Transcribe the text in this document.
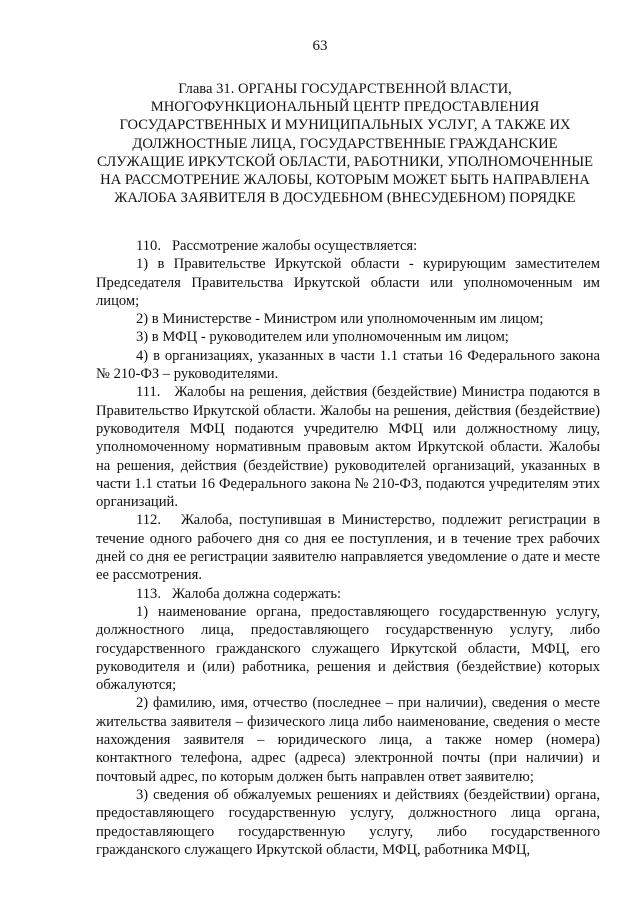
63
Глава 31. ОРГАНЫ ГОСУДАРСТВЕННОЙ ВЛАСТИ, МНОГОФУНКЦИОНАЛЬНЫЙ ЦЕНТР ПРЕДОСТАВЛЕНИЯ ГОСУДАРСТВЕННЫХ И МУНИЦИПАЛЬНЫХ УСЛУГ, А ТАКЖЕ ИХ ДОЛЖНОСТНЫЕ ЛИЦА, ГОСУДАРСТВЕННЫЕ ГРАЖДАНСКИЕ СЛУЖАЩИЕ ИРКУТСКОЙ ОБЛАСТИ, РАБОТНИКИ, УПОЛНОМОЧЕННЫЕ НА РАССМОТРЕНИЕ ЖАЛОБЫ, КОТОРЫМ МОЖЕТ БЫТЬ НАПРАВЛЕНА ЖАЛОБА ЗАЯВИТЕЛЯ В ДОСУДЕБНОМ (ВНЕСУДЕБНОМ) ПОРЯДКЕ

110.   Рассмотрение жалобы осуществляется:

1) в Правительстве Иркутской области - курирующим заместителем Председателя Правительства Иркутской области или уполномоченным им лицом;

2) в Министерстве - Министром или уполномоченным им лицом;

3) в МФЦ - руководителем или уполномоченным им лицом;

4) в организациях, указанных в части 1.1 статьи 16 Федерального закона № 210-ФЗ – руководителями.

111.   Жалобы на решения, действия (бездействие) Министра подаются в Правительство Иркутской области. Жалобы на решения, действия (бездействие) руководителя МФЦ подаются учредителю МФЦ или должностному лицу, уполномоченному нормативным правовым актом Иркутской области. Жалобы на решения, действия (бездействие) руководителей организаций, указанных в части 1.1 статьи 16 Федерального закона № 210-ФЗ, подаются учредителям этих организаций.

112.   Жалоба, поступившая в Министерство, подлежит регистрации в течение одного рабочего дня со дня ее поступления, и в течение трех рабочих дней со дня ее регистрации заявителю направляется уведомление о дате и месте ее рассмотрения.

113.   Жалоба должна содержать:

1) наименование органа, предоставляющего государственную услугу, должностного лица, предоставляющего государственную услугу, либо государственного гражданского служащего Иркутской области, МФЦ, его руководителя и (или) работника, решения и действия (бездействие) которых обжалуются;

2) фамилию, имя, отчество (последнее – при наличии), сведения о месте жительства заявителя – физического лица либо наименование, сведения о месте нахождения заявителя – юридического лица, а также номер (номера) контактного телефона, адрес (адреса) электронной почты (при наличии) и почтовый адрес, по которым должен быть направлен ответ заявителю;

3) сведения об обжалуемых решениях и действиях (бездействии) органа, предоставляющего государственную услугу, должностного лица органа, предоставляющего государственную услугу, либо государственного гражданского служащего Иркутской области, МФЦ, работника МФЦ,
